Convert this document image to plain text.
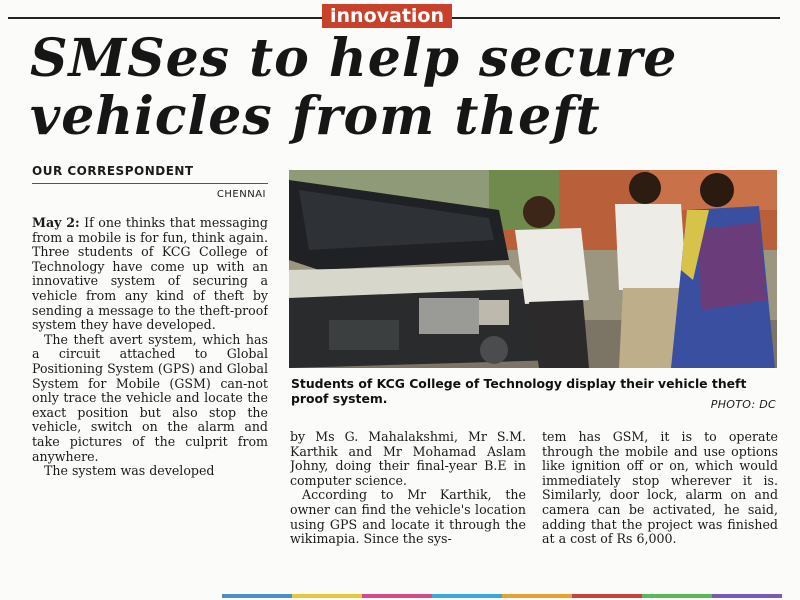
innovation
SMSes to help secure
vehicles from theft
OUR CORRESPONDENT
CHENNAI

May 2: If one thinks that messaging from a mobile is for fun, think again. Three students of KCG College of Technology have come up with an innovative system of securing a vehicle from any kind of theft by sending a message to the theft-proof system they have developed.

The theft avert system, which has a circuit attached to Global Positioning System (GPS) and Global System for Mobile (GSM) can-not only trace the vehicle and locate the exact position but also stop the vehicle, switch on the alarm and take pictures of the culprit from anywhere.

The system was developed

Students of KCG College of Technology display their vehicle theft proof system.	PHOTO: DC

by Ms G. Mahalakshmi, Mr S.M. Karthik and Mr Mohamad Aslam Johny, doing their final-year B.E in computer science.

According to Mr Karthik, the owner can find the vehicle's location using GPS and locate it through the wikimapia. Since the sys-

tem has GSM, it is to operate through the mobile and use options like ignition off or on, which would immediately stop wherever it is. Similarly, door lock, alarm on and camera can be activated, he said, adding that the project was finished at a cost of Rs 6,000.
